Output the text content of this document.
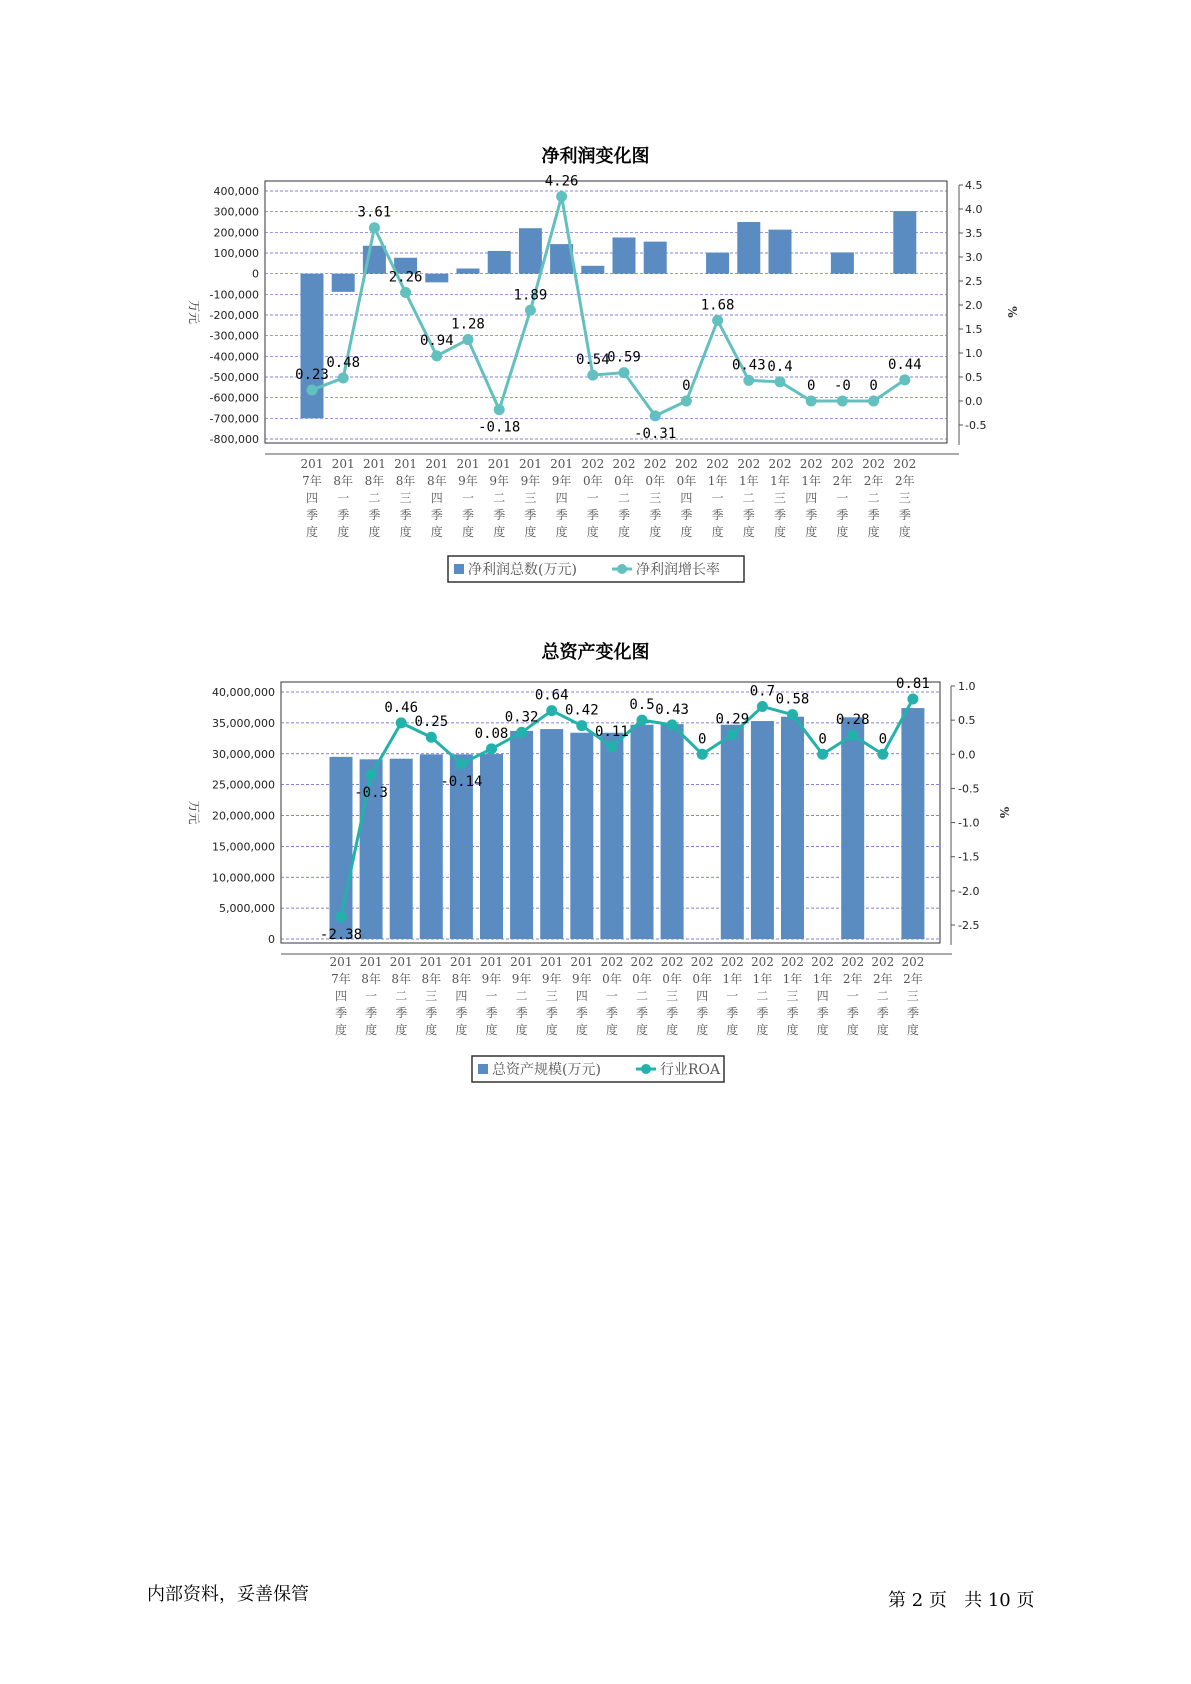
净利润变化图
总资产变化图
-800,000
-700,000
-600,000
-500,000
-400,000
-300,000
-200,000
-100,000
0
100,000
200,000
300,000
400,000
-0.5
0.0
0.5
1.0
1.5
2.0
2.5
3.0
3.5
4.0
4.5
万元	%
0.23
0.48
3.61
2.26
0.94
1.28
-0.18
1.89
4.26
0.54
0.59
-0.31
0
1.68
0.43 0.4
0 -0 0
0.44
201 7年四季度
201 8年一季度
201 8年二季度
201 8年三季度
201 8年四季度
201 9年一季度
201 9年二季度
201 9年三季度
201 9年四季度
202 0年一季度
202 0年二季度
202 0年三季度
202 0年四季度
202 1年一季度
202 1年二季度
202 1年三季度
202 1年四季度
202 2年一季度
202 2年二季度
202 2年三季度
净利润总数(万元)	净利润增长率
0
5,000,000
10,000,000
15,000,000
20,000,000
25,000,000
30,000,000
35,000,000
40,000,000
-2.5
-2.0
-1.5
-1.0
-0.5
0.0
0.5
1.0
万元	%
-2.38
-0.3
0.46
0.25
-0.14
0.08
0.32
0.64
0.42
0.11
0.5 0.43
0
0.29
0.7
0.58
0
0.28
0
0.81
201 7年四季度
201 8年一季度
201 8年二季度
201 8年三季度
201 8年四季度
201 9年一季度
201 9年二季度
201 9年三季度
201 9年四季度
202 0年一季度
202 0年二季度
202 0年三季度
202 0年四季度
202 1年一季度
202 1年二季度
202 1年三季度
202 1年四季度
202 2年一季度
202 2年二季度
202 2年三季度
总资产规模(万元)	行业ROA
内部资料，妥善保管	第 2 页 共 10 页
